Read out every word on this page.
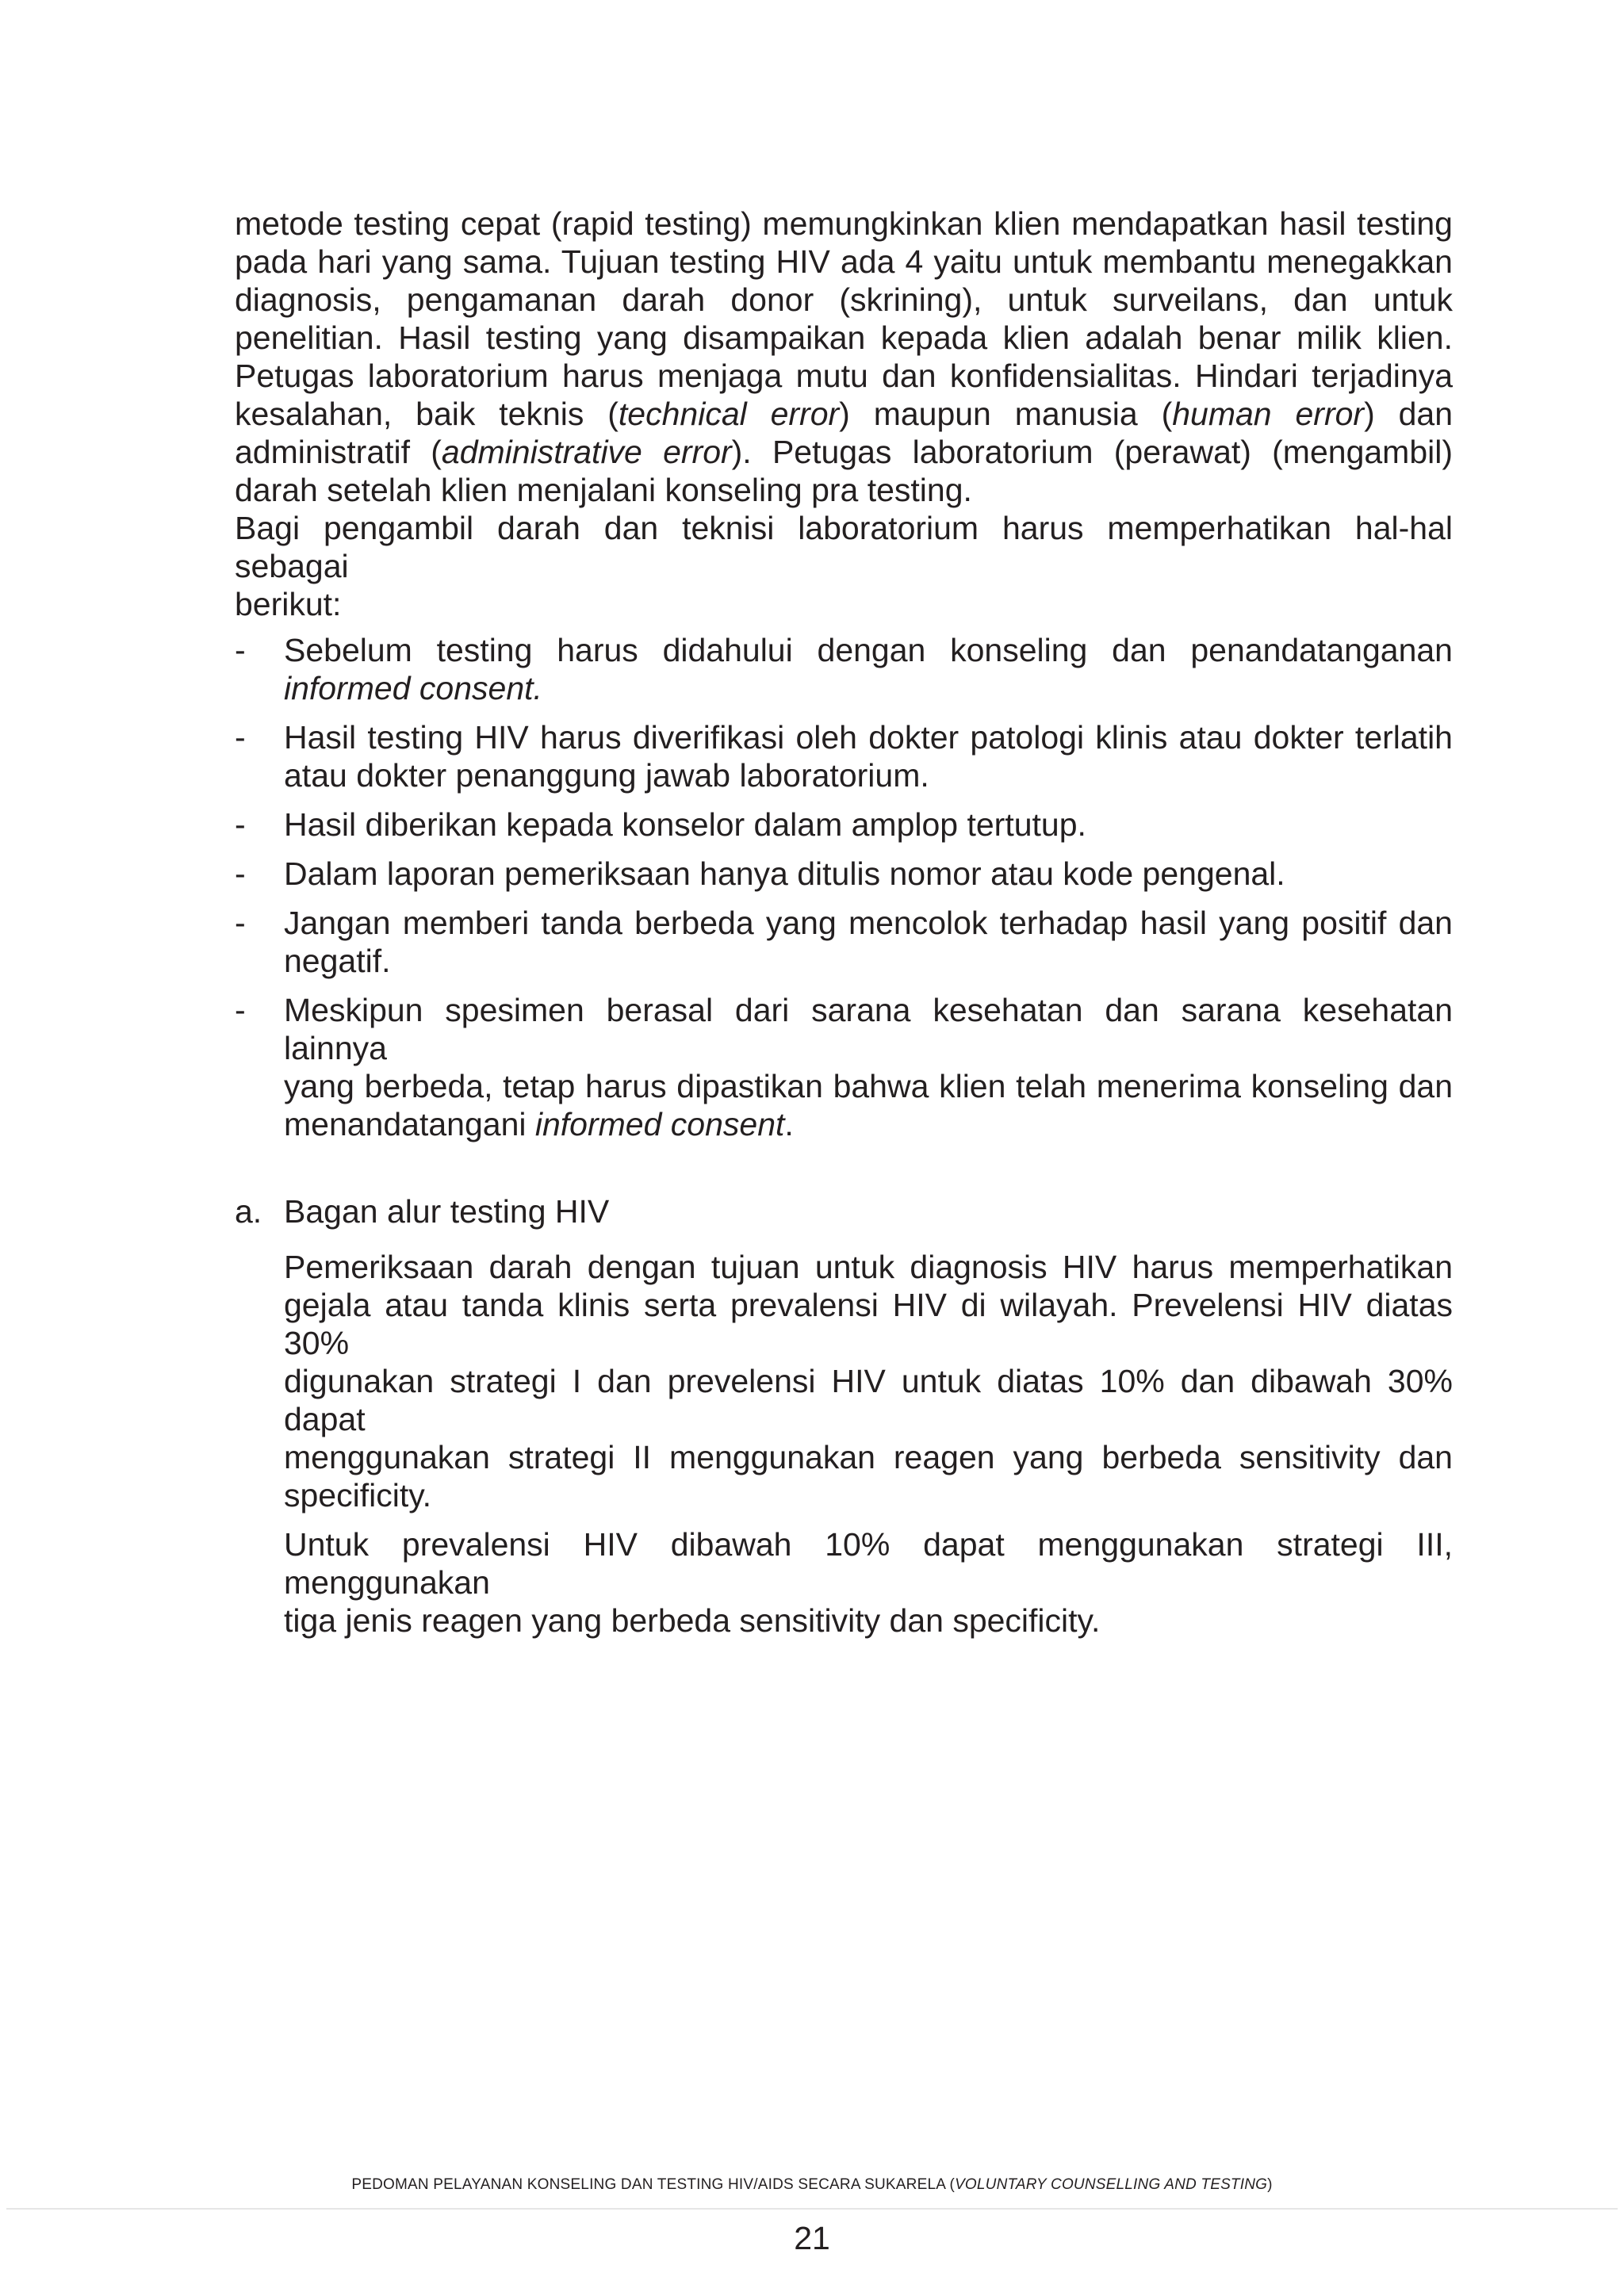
metode testing cepat (rapid testing) memungkinkan klien mendapatkan hasil testing
pada hari yang sama. Tujuan testing HIV ada 4 yaitu untuk membantu menegakkan
diagnosis, pengamanan darah donor (skrining), untuk surveilans, dan untuk
penelitian. Hasil testing yang disampaikan kepada klien adalah benar milik klien.
Petugas laboratorium harus menjaga mutu dan konfidensialitas. Hindari terjadinya
kesalahan, baik teknis (technical error) maupun manusia (human error) dan
administratif (administrative error). Petugas laboratorium (perawat) (mengambil)
darah setelah klien menjalani konseling pra testing.

Bagi pengambil darah dan teknisi laboratorium harus memperhatikan hal-hal sebagai
berikut:

- Sebelum testing harus didahului dengan konseling dan penandatanganan
informed consent.
- Hasil testing HIV harus diverifikasi oleh dokter patologi klinis atau dokter terlatih
atau dokter penanggung jawab laboratorium.
- Hasil diberikan kepada konselor dalam amplop tertutup.
- Dalam laporan pemeriksaan hanya ditulis nomor atau kode pengenal.
- Jangan memberi tanda berbeda yang mencolok terhadap hasil yang positif dan
negatif.
- Meskipun spesimen berasal dari sarana kesehatan dan sarana kesehatan lainnya
yang berbeda, tetap harus dipastikan bahwa klien telah menerima konseling dan
menandatangani informed consent.
a. Bagan alur testing HIV

Pemeriksaan darah dengan tujuan untuk diagnosis HIV harus memperhatikan
gejala atau tanda klinis serta prevalensi HIV di wilayah. Prevelensi HIV diatas 30%
digunakan strategi I dan prevelensi HIV untuk diatas 10% dan dibawah 30% dapat
menggunakan strategi II menggunakan reagen yang berbeda sensitivity dan
specificity.

Untuk prevalensi HIV dibawah 10% dapat menggunakan strategi III, menggunakan
tiga jenis reagen yang berbeda sensitivity dan specificity.

PEDOMAN PELAYANAN KONSELING DAN TESTING HIV/AIDS SECARA SUKARELA (VOLUNTARY COUNSELLING AND TESTING)
21
